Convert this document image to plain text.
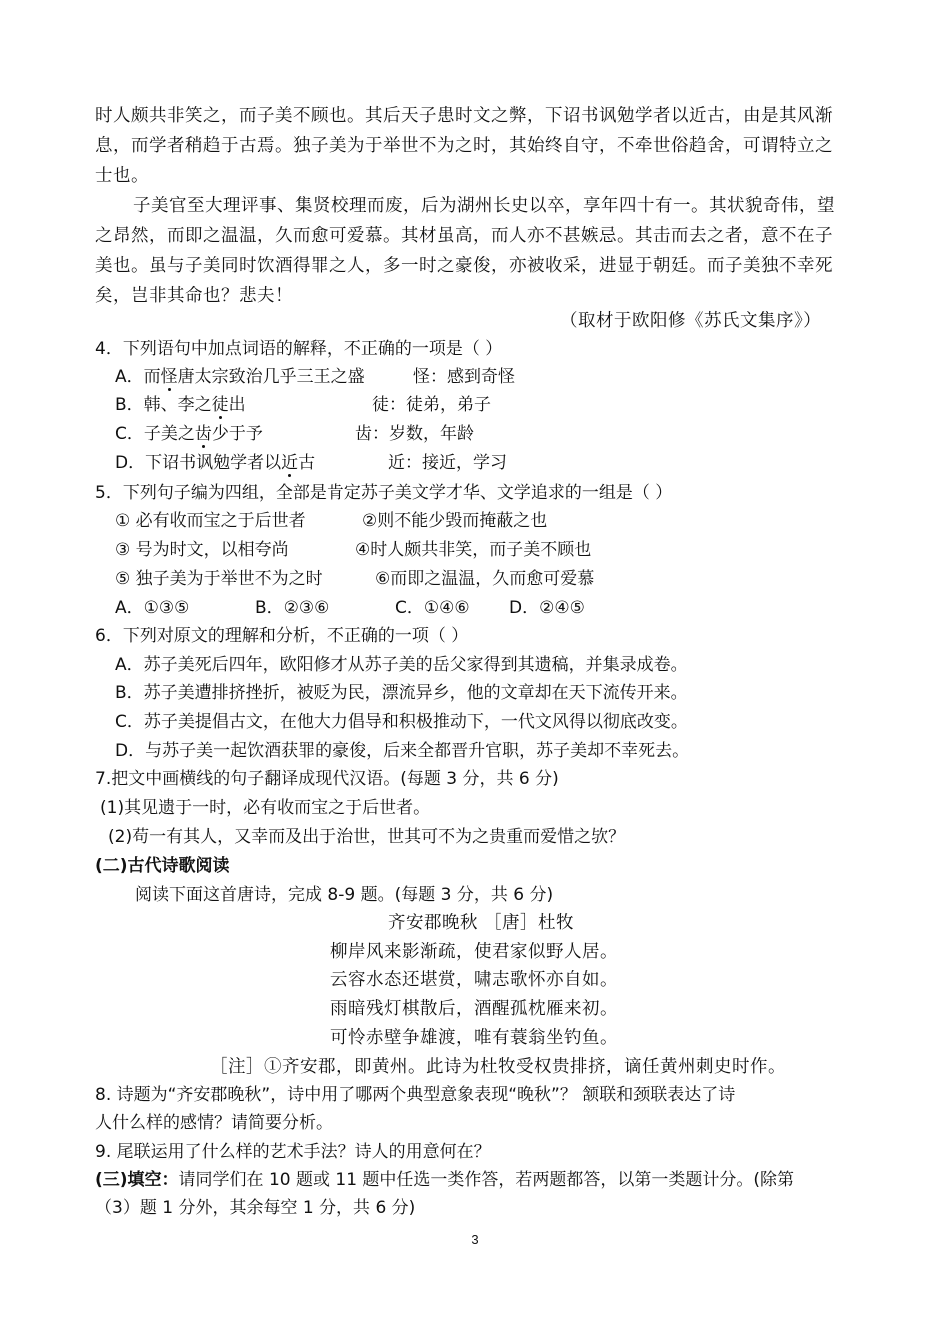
时人颇共非笑之，而子美不顾也。其后天子患时文之弊，下诏书讽勉学者以近古，由是其风渐
息，而学者稍趋于古焉。独子美为于举世不为之时，其始终自守，不牵世俗趋舍，可谓特立之
士也。
子美官至大理评事、集贤校理而废，后为湖州长史以卒，享年四十有一。其状貌奇伟，望
之昂然，而即之温温，久而愈可爱慕。其材虽高，而人亦不甚嫉忌。其击而去之者，意不在子
美也。虽与子美同时饮酒得罪之人，多一时之豪俊，亦被收采，进显于朝廷。而子美独不幸死
矣，岂非其命也？悲夫！
（取材于欧阳修《苏氏文集序》）
4．下列语句中加点词语的解释，不正确的一项是（ ）
A．而怪唐太宗致治几乎三王之盛	怪：感到奇怪
B．韩、李之徒出	徒：徒弟，弟子
C．子美之齿少于予	齿：岁数，年龄
D．下诏书讽勉学者以近古	近：接近，学习
5．下列句子编为四组，全部是肯定苏子美文学才华、文学追求的一组是（ ）
① 必有收而宝之于后世者	②则不能少毁而掩蔽之也
③ 号为时文，以相夸尚	④时人颇共非笑，而子美不顾也
⑤ 独子美为于举世不为之时	⑥而即之温温，久而愈可爱慕
A．①③⑤	B．②③⑥	C．①④⑥ D．②④⑤
6．下列对原文的理解和分析，不正确的一项（ ）
A．苏子美死后四年，欧阳修才从苏子美的岳父家得到其遗稿，并集录成卷。
B．苏子美遭排挤挫折，被贬为民，漂流异乡，他的文章却在天下流传开来。
C．苏子美提倡古文，在他大力倡导和积极推动下，一代文风得以彻底改变。
D．与苏子美一起饮酒获罪的豪俊，后来全都晋升官职，苏子美却不幸死去。
7.把文中画横线的句子翻译成现代汉语。(每题 3 分，共 6 分)
(1)其见遗于一时，必有收而宝之于后世者。
(2)苟一有其人，又幸而及出于治世，世其可不为之贵重而爱惜之欤？
(二)古代诗歌阅读
阅读下面这首唐诗，完成 8-9 题。(每题 3 分，共 6 分)
齐安郡晚秋 ［唐］杜牧
柳岸风来影渐疏，使君家似野人居。
云容水态还堪赏，啸志歌怀亦自如。
雨暗残灯棋散后，酒醒孤枕雁来初。
可怜赤壁争雄渡，唯有蓑翁坐钓鱼。
［注］①齐安郡，即黄州。此诗为杜牧受权贵排挤，谪任黄州刺史时作。
8. 诗题为“齐安郡晚秋”，诗中用了哪两个典型意象表现“晚秋”？ 颔联和颈联表达了诗
人什么样的感情？请简要分析。
9. 尾联运用了什么样的艺术手法？诗人的用意何在？
(三)填空：请同学们在 10 题或 11 题中任选一类作答，若两题都答，以第一类题计分。(除第
（3）题 1 分外，其余每空 1 分，共 6 分)
3
